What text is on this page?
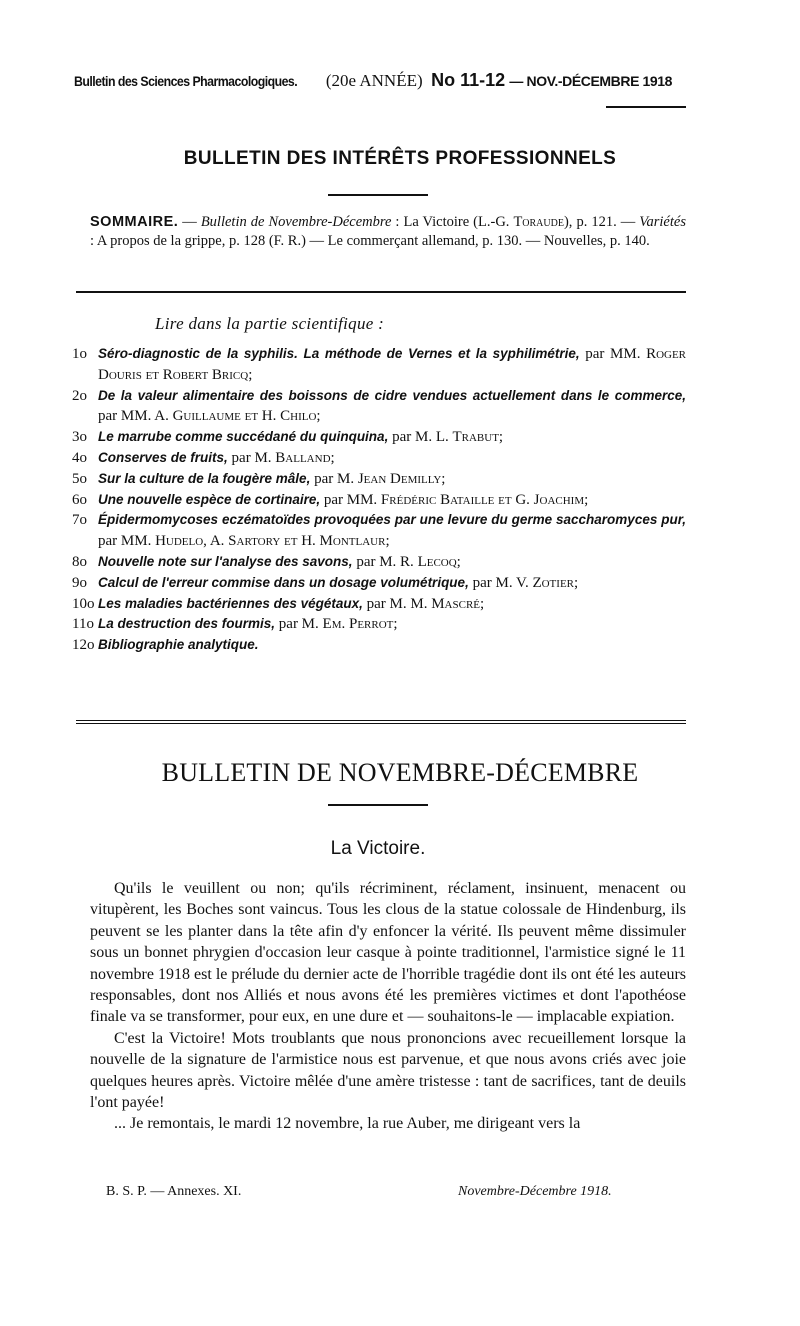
Bulletin des Sciences Pharmacologiques. (20e ANNÉE) No 11-12 — NOV.-DÉCEMBRE 1918
BULLETIN DES INTÉRÊTS PROFESSIONNELS
SOMMAIRE. — Bulletin de Novembre-Décembre : La Victoire (L.-G. Toraude), p. 121. — Variétés : A propos de la grippe, p. 128 (F. R.) — Le commerçant allemand, p. 130. — Nouvelles, p. 140.
Lire dans la partie scientifique :
1o Séro-diagnostic de la syphilis. La méthode de Vernes et la syphilimétrie, par MM. Roger Douris et Robert Bricq;
2o De la valeur alimentaire des boissons de cidre vendues actuellement dans le commerce, par MM. A. Guillaume et H. Chilo;
3o Le marrube comme succédané du quinquina, par M. L. Trabut;
4o Conserves de fruits, par M. Balland;
5o Sur la culture de la fougère mâle, par M. Jean Demilly;
6o Une nouvelle espèce de cortinaire, par MM. Frédéric Bataille et G. Joachim;
7o Épidermomycoses eczématoïdes provoquées par une levure du germe saccharomyces pur, par MM. Hudelo, A. Sartory et H. Montlaur;
8o Nouvelle note sur l'analyse des savons, par M. R. Lecoq;
9o Calcul de l'erreur commise dans un dosage volumétrique, par M. V. Zotier;
10o Les maladies bactériennes des végétaux, par M. M. Mascré;
11o La destruction des fourmis, par M. Em. Perrot;
12o Bibliographie analytique.
BULLETIN DE NOVEMBRE-DÉCEMBRE
La Victoire.

Qu'ils le veuillent ou non; qu'ils récriminent, réclament, insinuent, menacent ou vitupèrent, les Boches sont vaincus. Tous les clous de la statue colossale de Hindenburg, ils peuvent se les planter dans la tête afin d'y enfoncer la vérité. Ils peuvent même dissimuler sous un bonnet phrygien d'occasion leur casque à pointe traditionnel, l'armistice signé le 11 novembre 1918 est le prélude du dernier acte de l'horrible tragédie dont ils ont été les auteurs responsables, dont nos Alliés et nous avons été les premières victimes et dont l'apothéose finale va se transformer, pour eux, en une dure et — souhaitons-le — implacable expiation.

C'est la Victoire! Mots troublants que nous prononcions avec recueillement lorsque la nouvelle de la signature de l'armistice nous est parvenue, et que nous avons criés avec joie quelques heures après. Victoire mêlée d'une amère tristesse : tant de sacrifices, tant de deuils l'ont payée!

... Je remontais, le mardi 12 novembre, la rue Auber, me dirigeant vers la

B. S. P. — Annexes. XI.	Novembre-Décembre 1918.
